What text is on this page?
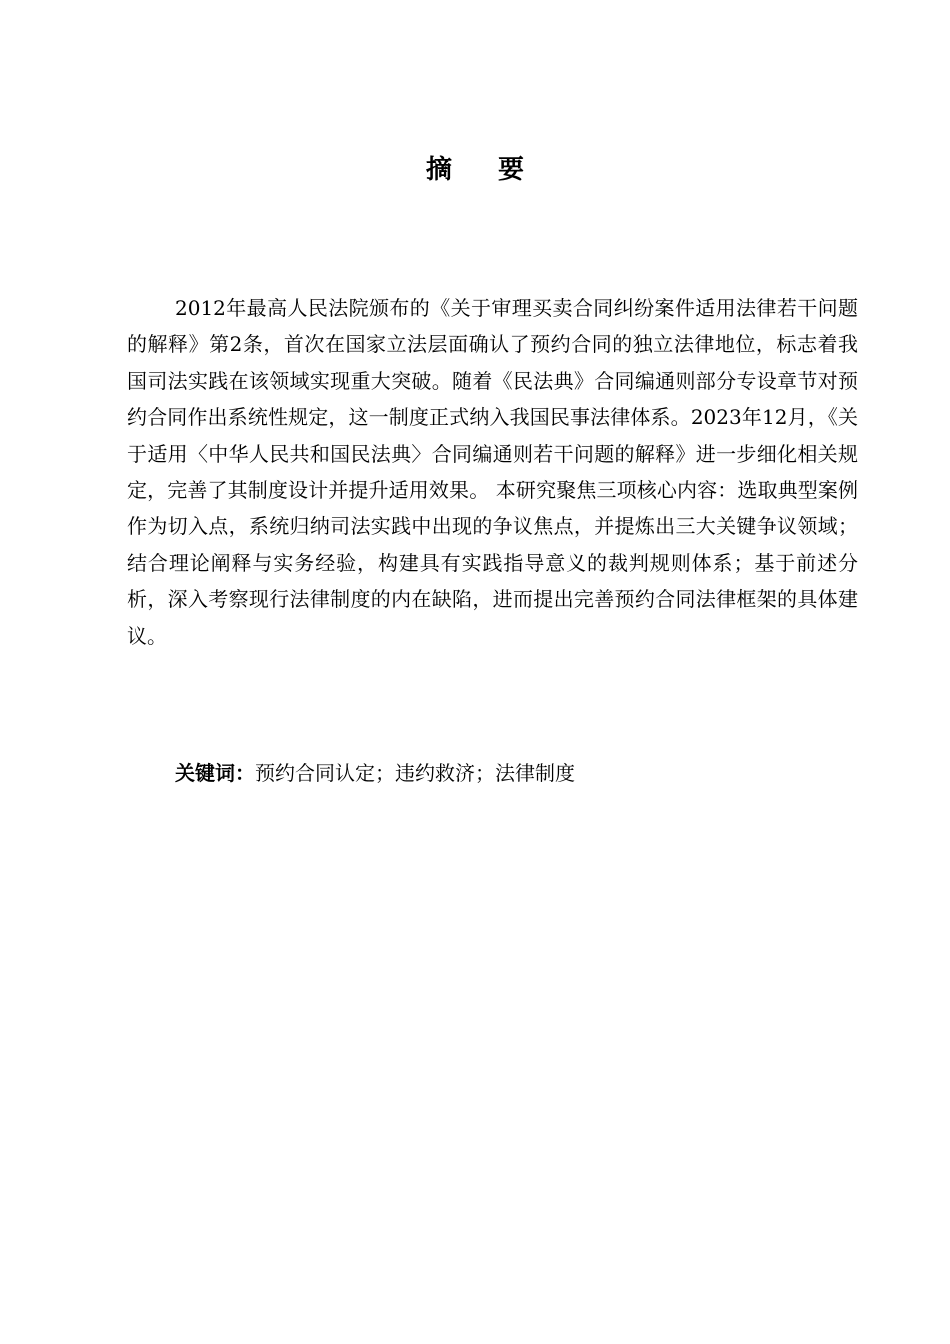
摘 要

2012年最高人民法院颁布的《关于审理买卖合同纠纷案件适用法律若干问题的解释》第2条，首次在国家立法层面确认了预约合同的独立法律地位，标志着我国司法实践在该领域实现重大突破。随着《民法典》合同编通则部分专设章节对预约合同作出系统性规定，这一制度正式纳入我国民事法律体系。2023年12月，《关于适用〈中华人民共和国民法典〉合同编通则若干问题的解释》进一步细化相关规定，完善了其制度设计并提升适用效果。 本研究聚焦三项核心内容：选取典型案例作为切入点，系统归纳司法实践中出现的争议焦点，并提炼出三大关键争议领域；结合理论阐释与实务经验，构建具有实践指导意义的裁判规则体系；基于前述分析，深入考察现行法律制度的内在缺陷，进而提出完善预约合同法律框架的具体建议。

关键词：预约合同认定；违约救济；法律制度
